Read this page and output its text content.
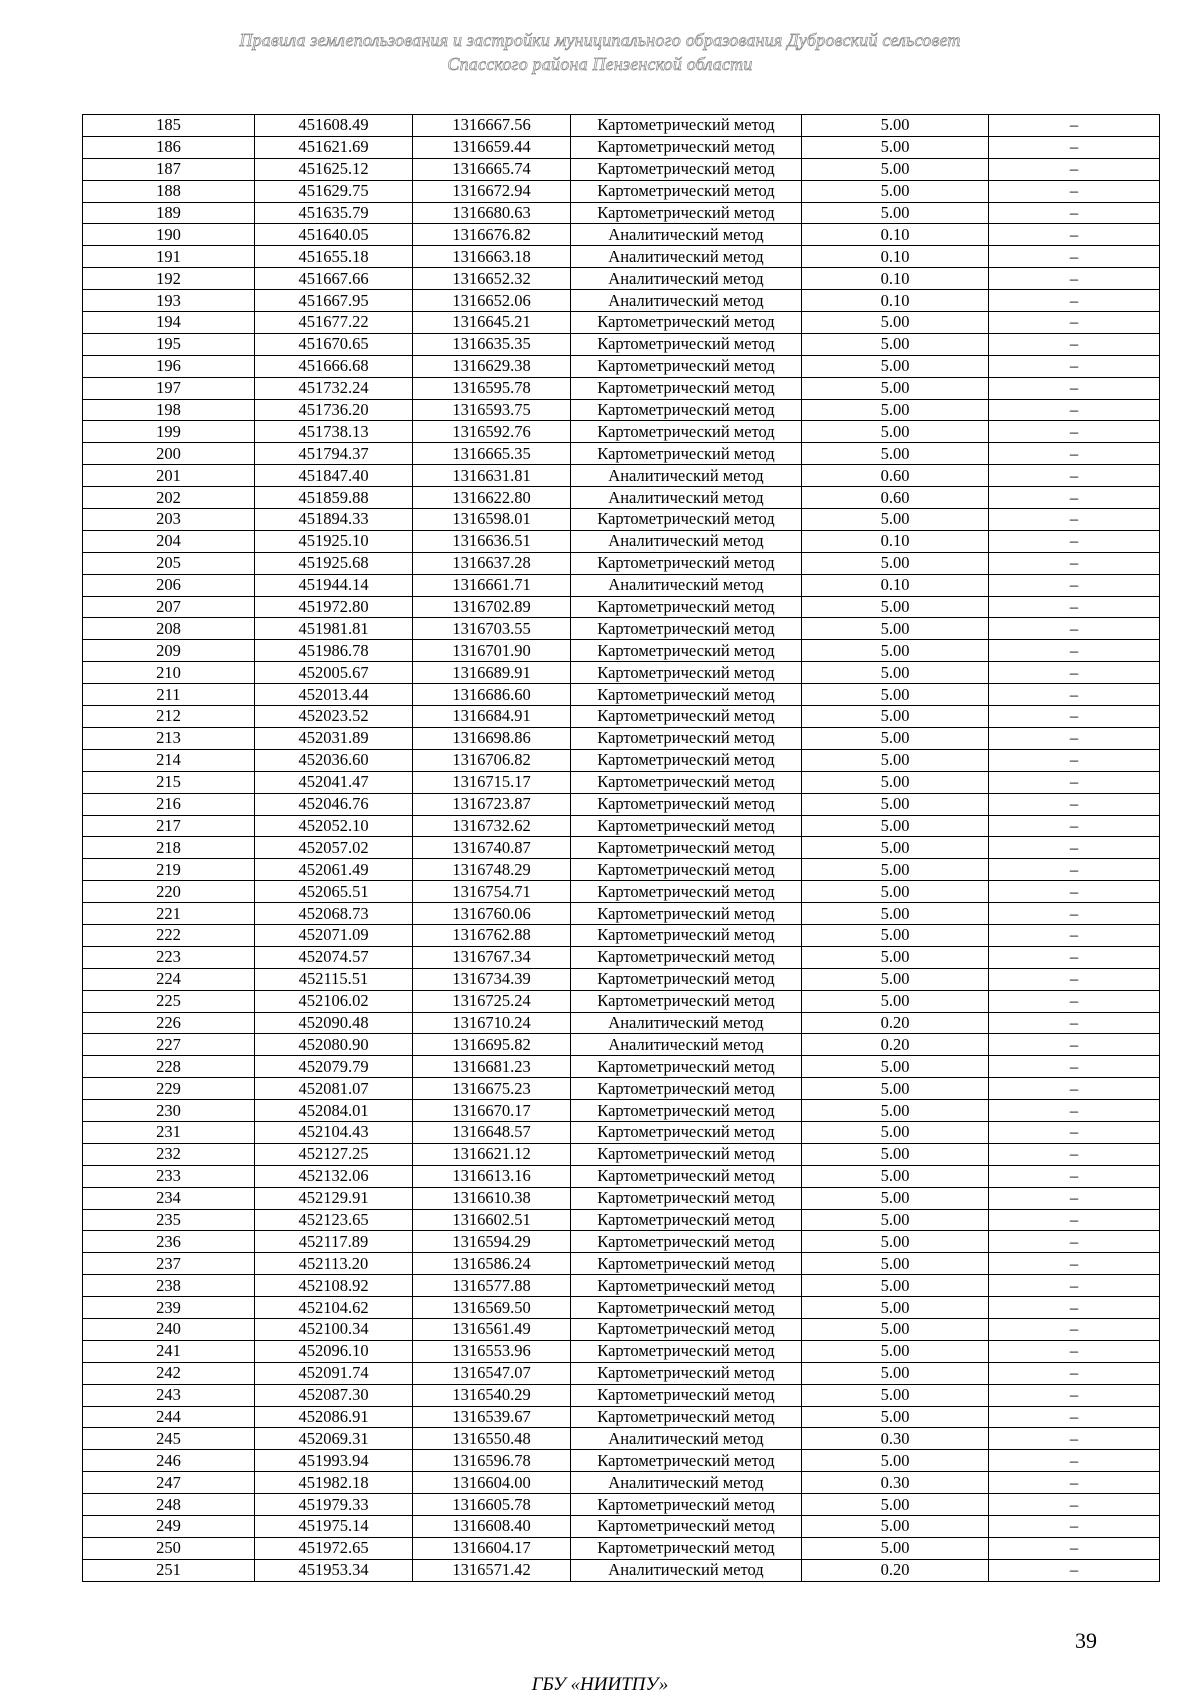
Правила землепользования и застройки муниципального образования Дубровский сельсовет
Спасского района Пензенской области
185	451608.49	1316667.56	Картометрический метод	5.00	–
186	451621.69	1316659.44	Картометрический метод	5.00	–
187	451625.12	1316665.74	Картометрический метод	5.00	–
188	451629.75	1316672.94	Картометрический метод	5.00	–
189	451635.79	1316680.63	Картометрический метод	5.00	–
190	451640.05	1316676.82	Аналитический метод	0.10	–
191	451655.18	1316663.18	Аналитический метод	0.10	–
192	451667.66	1316652.32	Аналитический метод	0.10	–
193	451667.95	1316652.06	Аналитический метод	0.10	–
194	451677.22	1316645.21	Картометрический метод	5.00	–
195	451670.65	1316635.35	Картометрический метод	5.00	–
196	451666.68	1316629.38	Картометрический метод	5.00	–
197	451732.24	1316595.78	Картометрический метод	5.00	–
198	451736.20	1316593.75	Картометрический метод	5.00	–
199	451738.13	1316592.76	Картометрический метод	5.00	–
200	451794.37	1316665.35	Картометрический метод	5.00	–
201	451847.40	1316631.81	Аналитический метод	0.60	–
202	451859.88	1316622.80	Аналитический метод	0.60	–
203	451894.33	1316598.01	Картометрический метод	5.00	–
204	451925.10	1316636.51	Аналитический метод	0.10	–
205	451925.68	1316637.28	Картометрический метод	5.00	–
206	451944.14	1316661.71	Аналитический метод	0.10	–
207	451972.80	1316702.89	Картометрический метод	5.00	–
208	451981.81	1316703.55	Картометрический метод	5.00	–
209	451986.78	1316701.90	Картометрический метод	5.00	–
210	452005.67	1316689.91	Картометрический метод	5.00	–
211	452013.44	1316686.60	Картометрический метод	5.00	–
212	452023.52	1316684.91	Картометрический метод	5.00	–
213	452031.89	1316698.86	Картометрический метод	5.00	–
214	452036.60	1316706.82	Картометрический метод	5.00	–
215	452041.47	1316715.17	Картометрический метод	5.00	–
216	452046.76	1316723.87	Картометрический метод	5.00	–
217	452052.10	1316732.62	Картометрический метод	5.00	–
218	452057.02	1316740.87	Картометрический метод	5.00	–
219	452061.49	1316748.29	Картометрический метод	5.00	–
220	452065.51	1316754.71	Картометрический метод	5.00	–
221	452068.73	1316760.06	Картометрический метод	5.00	–
222	452071.09	1316762.88	Картометрический метод	5.00	–
223	452074.57	1316767.34	Картометрический метод	5.00	–
224	452115.51	1316734.39	Картометрический метод	5.00	–
225	452106.02	1316725.24	Картометрический метод	5.00	–
226	452090.48	1316710.24	Аналитический метод	0.20	–
227	452080.90	1316695.82	Аналитический метод	0.20	–
228	452079.79	1316681.23	Картометрический метод	5.00	–
229	452081.07	1316675.23	Картометрический метод	5.00	–
230	452084.01	1316670.17	Картометрический метод	5.00	–
231	452104.43	1316648.57	Картометрический метод	5.00	–
232	452127.25	1316621.12	Картометрический метод	5.00	–
233	452132.06	1316613.16	Картометрический метод	5.00	–
234	452129.91	1316610.38	Картометрический метод	5.00	–
235	452123.65	1316602.51	Картометрический метод	5.00	–
236	452117.89	1316594.29	Картометрический метод	5.00	–
237	452113.20	1316586.24	Картометрический метод	5.00	–
238	452108.92	1316577.88	Картометрический метод	5.00	–
239	452104.62	1316569.50	Картометрический метод	5.00	–
240	452100.34	1316561.49	Картометрический метод	5.00	–
241	452096.10	1316553.96	Картометрический метод	5.00	–
242	452091.74	1316547.07	Картометрический метод	5.00	–
243	452087.30	1316540.29	Картометрический метод	5.00	–
244	452086.91	1316539.67	Картометрический метод	5.00	–
245	452069.31	1316550.48	Аналитический метод	0.30	–
246	451993.94	1316596.78	Картометрический метод	5.00	–
247	451982.18	1316604.00	Аналитический метод	0.30	–
248	451979.33	1316605.78	Картометрический метод	5.00	–
249	451975.14	1316608.40	Картометрический метод	5.00	–
250	451972.65	1316604.17	Картометрический метод	5.00	–
251	451953.34	1316571.42	Аналитический метод	0.20	–
39
ГБУ «НИИТПУ»
